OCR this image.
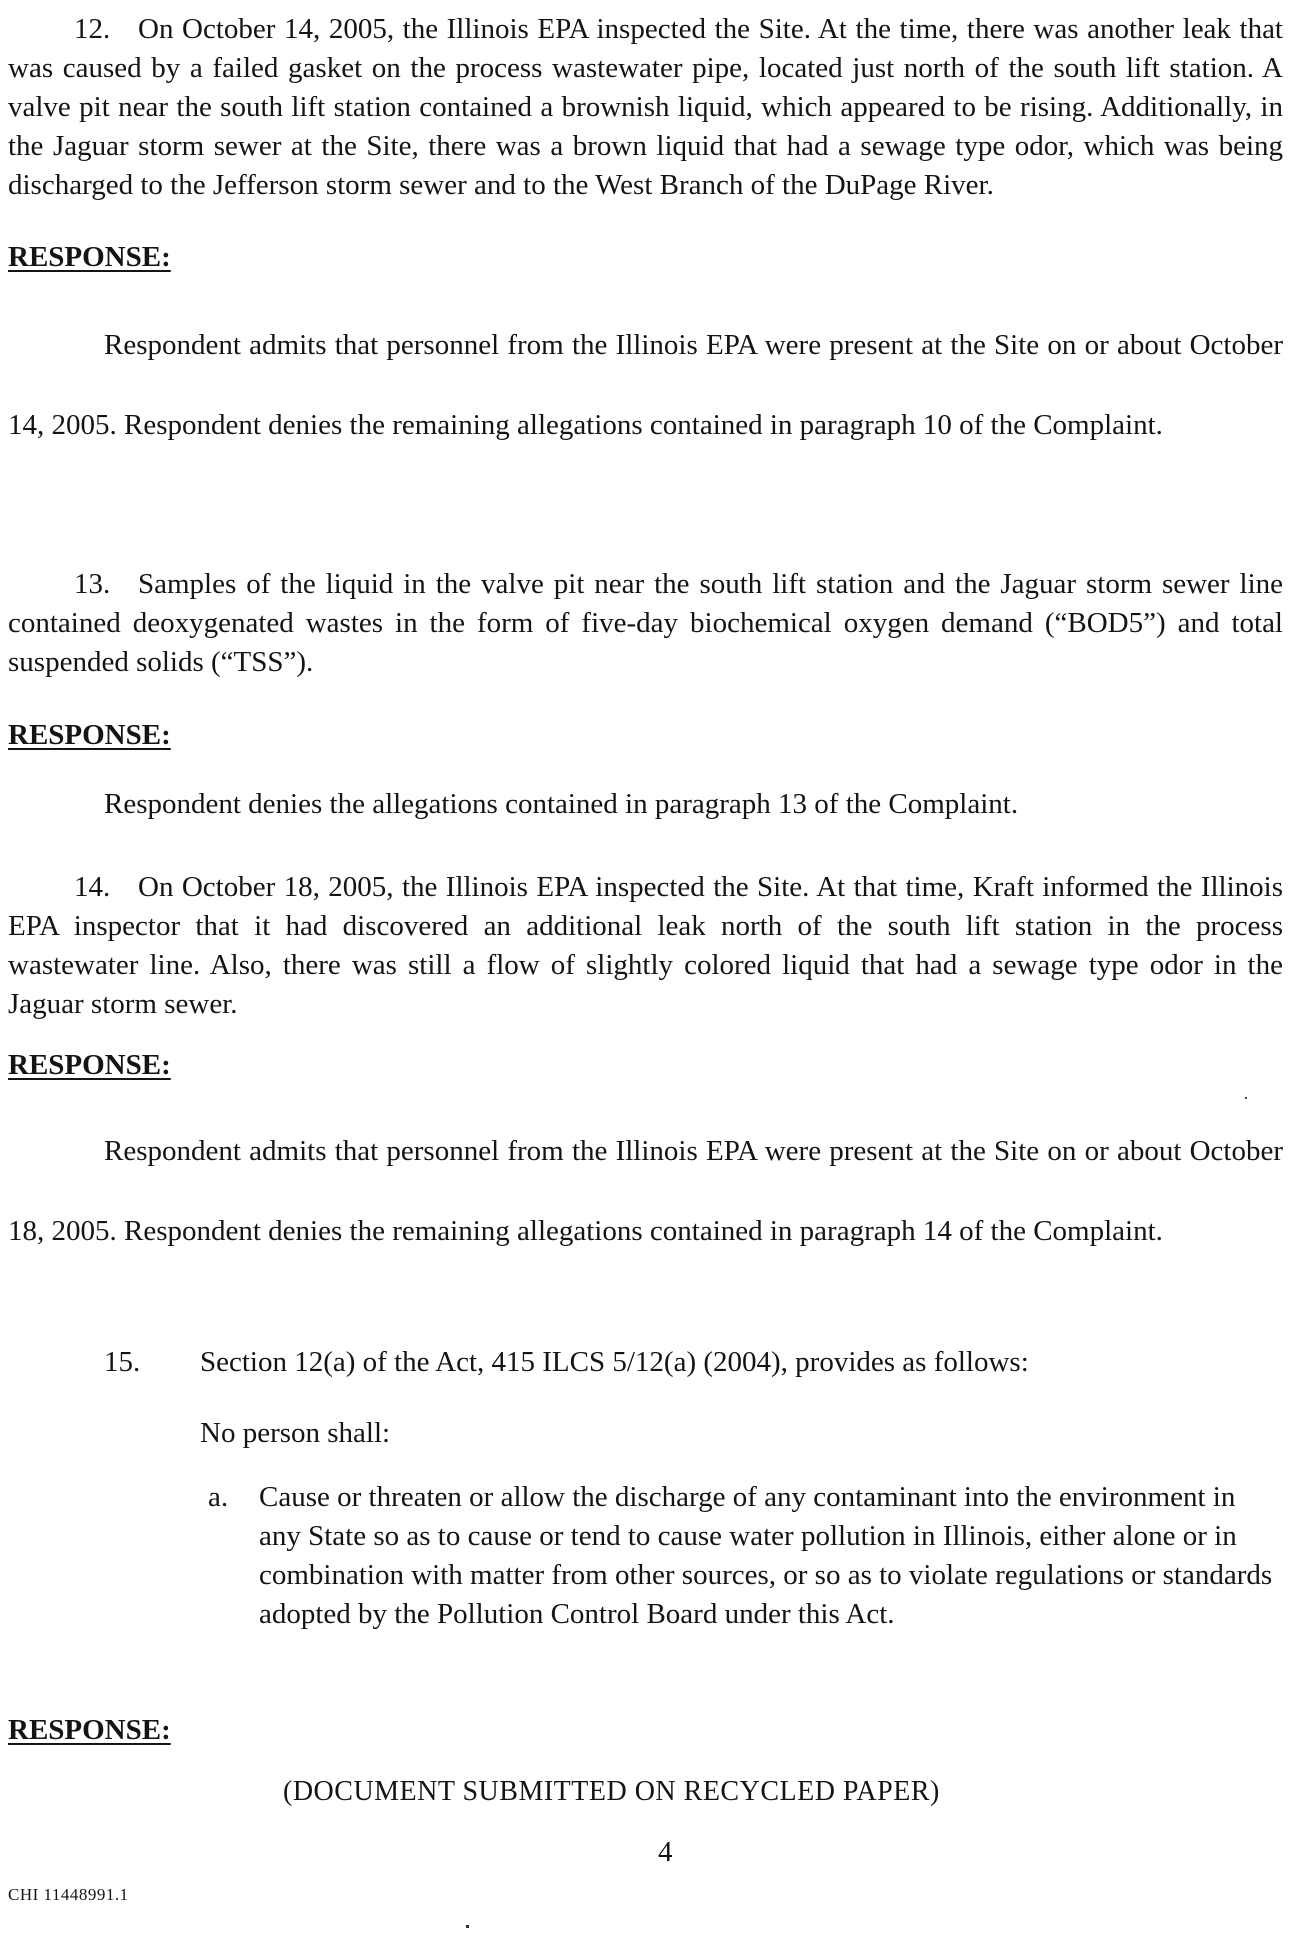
12. On October 14, 2005, the Illinois EPA inspected the Site. At the time, there was another leak that was caused by a failed gasket on the process wastewater pipe, located just north of the south lift station. A valve pit near the south lift station contained a brownish liquid, which appeared to be rising. Additionally, in the Jaguar storm sewer at the Site, there was a brown liquid that had a sewage type odor, which was being discharged to the Jefferson storm sewer and to the West Branch of the DuPage River.

RESPONSE:

Respondent admits that personnel from the Illinois EPA were present at the Site on or about October 14, 2005. Respondent denies the remaining allegations contained in paragraph 10 of the Complaint.

13. Samples of the liquid in the valve pit near the south lift station and the Jaguar storm sewer line contained deoxygenated wastes in the form of five-day biochemical oxygen demand (“BOD5”) and total suspended solids (“TSS”).

RESPONSE:

Respondent denies the allegations contained in paragraph 13 of the Complaint.

14. On October 18, 2005, the Illinois EPA inspected the Site. At that time, Kraft informed the Illinois EPA inspector that it had discovered an additional leak north of the south lift station in the process wastewater line. Also, there was still a flow of slightly colored liquid that had a sewage type odor in the Jaguar storm sewer.

RESPONSE:

Respondent admits that personnel from the Illinois EPA were present at the Site on or about October 18, 2005. Respondent denies the remaining allegations contained in paragraph 14 of the Complaint.

15. Section 12(a) of the Act, 415 ILCS 5/12(a) (2004), provides as follows:

No person shall:

a. Cause or threaten or allow the discharge of any contaminant into the environment in any State so as to cause or tend to cause water pollution in Illinois, either alone or in combination with matter from other sources, or so as to violate regulations or standards adopted by the Pollution Control Board under this Act.

RESPONSE:

(DOCUMENT SUBMITTED ON RECYCLED PAPER)

4

CHI 11448991.1
